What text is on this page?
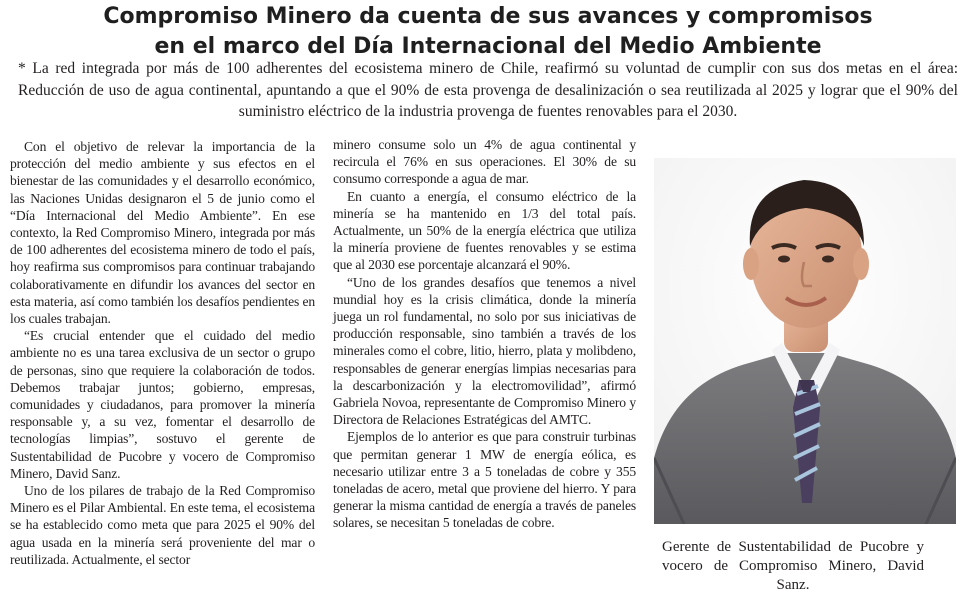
Compromiso Minero da cuenta de sus avances y compromisos
en el marco del Día Internacional del Medio Ambiente

* La red integrada por más de 100 adherentes del ecosistema minero de Chile, reafirmó su voluntad de cumplir con sus dos metas en el área: Reducción de uso de agua continental, apuntando a que el 90% de esta provenga de desalinización o sea reutilizada al 2025 y lograr que el 90% del suministro eléctrico de la industria provenga de fuentes renovables para el 2030.

Con el objetivo de relevar la importancia de la protección del medio ambiente y sus efectos en el bienestar de las comunidades y el desarrollo económico, las Naciones Unidas designaron el 5 de junio como el “Día Internacional del Medio Ambiente”. En ese contexto, la Red Compromiso Minero, integrada por más de 100 adherentes del ecosistema minero de todo el país, hoy reafirma sus compromisos para continuar trabajando colaborativamente en difundir los avances del sector en esta materia, así como también los desafíos pendientes en los cuales trabajan.

“Es crucial entender que el cuidado del medio ambiente no es una tarea exclusiva de un sector o grupo de personas, sino que requiere la colaboración de todos. Debemos trabajar juntos; gobierno, empresas, comunidades y ciudadanos, para promover la minería responsable y, a su vez, fomentar el desarrollo de tecnologías limpias”, sostuvo el gerente de Sustentabilidad de Pucobre y vocero de Compromiso Minero, David Sanz.

Uno de los pilares de trabajo de la Red Compromiso Minero es el Pilar Ambiental. En este tema, el ecosistema se ha establecido como meta que para 2025 el 90% del agua usada en la minería será proveniente del mar o reutilizada. Actualmente, el sector

minero consume solo un 4% de agua continental y recircula el 76% en sus operaciones. El 30% de su consumo corresponde a agua de mar.

En cuanto a energía, el consumo eléctrico de la minería se ha mantenido en 1/3 del total país. Actualmente, un 50% de la energía eléctrica que utiliza la minería proviene de fuentes renovables y se estima que al 2030 ese porcentaje alcanzará el 90%.

“Uno de los grandes desafíos que tenemos a nivel mundial hoy es la crisis climática, donde la minería juega un rol fundamental, no solo por sus iniciativas de producción responsable, sino también a través de los minerales como el cobre, litio, hierro, plata y molibdeno, responsables de generar energías limpias necesarias para la descarbonización y la electromovilidad”, afirmó Gabriela Novoa, representante de Compromiso Minero y Directora de Relaciones Estratégicas del AMTC.

Ejemplos de lo anterior es que para construir turbinas que permitan generar 1 MW de energía eólica, es necesario utilizar entre 3 a 5 toneladas de cobre y 355 toneladas de acero, metal que proviene del hierro. Y para generar la misma cantidad de energía a través de paneles solares, se necesitan 5 toneladas de cobre.

Gerente de Sustentabilidad de Pucobre y vocero de Compromiso Minero, David Sanz.
